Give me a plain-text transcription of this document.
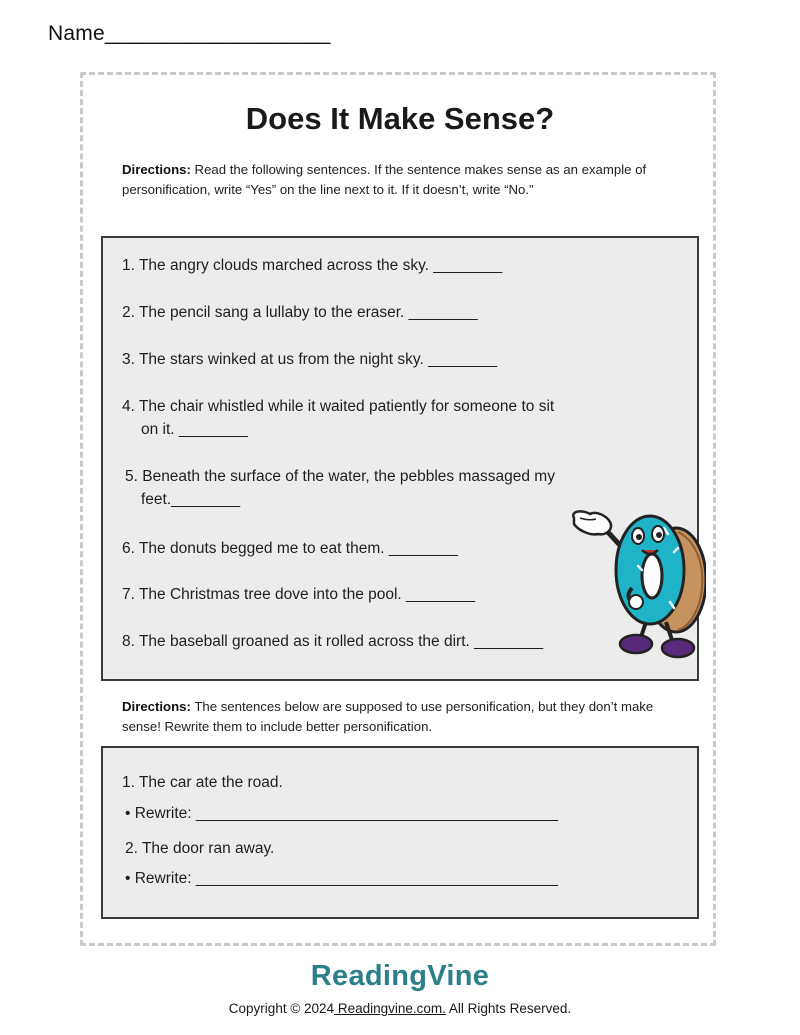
Name___________________
Does It Make Sense?

Directions: Read the following sentences. If the sentence makes sense as an example of personification, write “Yes” on the line next to it. If it doesn’t, write “No.”

1. The angry clouds marched across the sky. ________

2. The pencil sang a lullaby to the eraser. ________

3. The stars winked at us from the night sky. ________

4. The chair whistled while it waited patiently for someone to sit
on it. ________

5. Beneath the surface of the water, the pebbles massaged my
feet.________

6. The donuts begged me to eat them. ________

7. The Christmas tree dove into the pool. ________

8. The baseball groaned as it rolled across the dirt. ________

Directions: The sentences below are supposed to use personification, but they don’t make sense! Rewrite them to include better personification.

1. The car ate the road.

• Rewrite: __________________________________________

2. The door ran away.

• Rewrite: __________________________________________

ReadingVine
Copyright © 2024 Readingvine.com. All Rights Reserved.
